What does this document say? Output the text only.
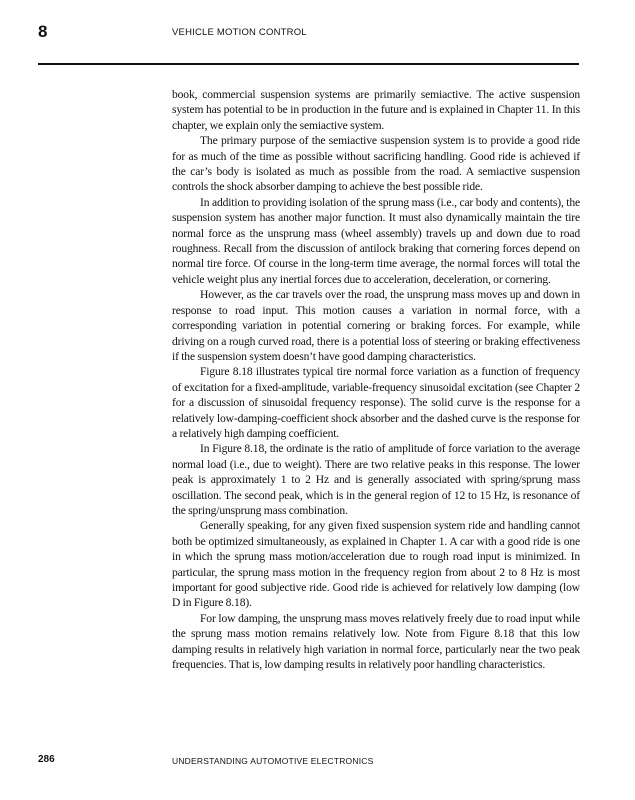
8	VEHICLE MOTION CONTROL

book, commercial suspension systems are primarily semiactive. The active suspension system has potential to be in production in the future and is explained in Chapter 11. In this chapter, we explain only the semiactive system.

The primary purpose of the semiactive suspension system is to provide a good ride for as much of the time as possible without sacrificing handling. Good ride is achieved if the car’s body is isolated as much as possible from the road. A semiactive suspension controls the shock absorber damping to achieve the best possible ride.

In addition to providing isolation of the sprung mass (i.e., car body and contents), the suspension system has another major function. It must also dynamically maintain the tire normal force as the unsprung mass (wheel assembly) travels up and down due to road roughness. Recall from the discussion of antilock braking that cornering forces depend on normal tire force. Of course in the long-term time average, the normal forces will total the vehicle weight plus any inertial forces due to acceleration, deceleration, or cornering.

However, as the car travels over the road, the unsprung mass moves up and down in response to road input. This motion causes a variation in normal force, with a corresponding variation in potential cornering or braking forces. For example, while driving on a rough curved road, there is a potential loss of steering or braking effectiveness if the suspension system doesn’t have good damping characteristics.

Figure 8.18 illustrates typical tire normal force variation as a function of frequency of excitation for a fixed-amplitude, variable-frequency sinusoidal excitation (see Chapter 2 for a discussion of sinusoidal frequency response). The solid curve is the response for a relatively low-damping-coefficient shock absorber and the dashed curve is the response for a relatively high damping coefficient.

In Figure 8.18, the ordinate is the ratio of amplitude of force variation to the average normal load (i.e., due to weight). There are two relative peaks in this response. The lower peak is approximately 1 to 2 Hz and is generally associated with spring/sprung mass oscillation. The second peak, which is in the general region of 12 to 15 Hz, is resonance of the spring/unsprung mass combination.

Generally speaking, for any given fixed suspension system ride and handling cannot both be optimized simultaneously, as explained in Chapter 1. A car with a good ride is one in which the sprung mass motion/acceleration due to rough road input is minimized. In particular, the sprung mass motion in the frequency region from about 2 to 8 Hz is most important for good subjective ride. Good ride is achieved for relatively low damping (low D in Figure 8.18).

For low damping, the unsprung mass moves relatively freely due to road input while the sprung mass motion remains relatively low. Note from Figure 8.18 that this low damping results in relatively high variation in normal force, particularly near the two peak frequencies. That is, low damping results in relatively poor handling characteristics.

286	UNDERSTANDING AUTOMOTIVE ELECTRONICS
